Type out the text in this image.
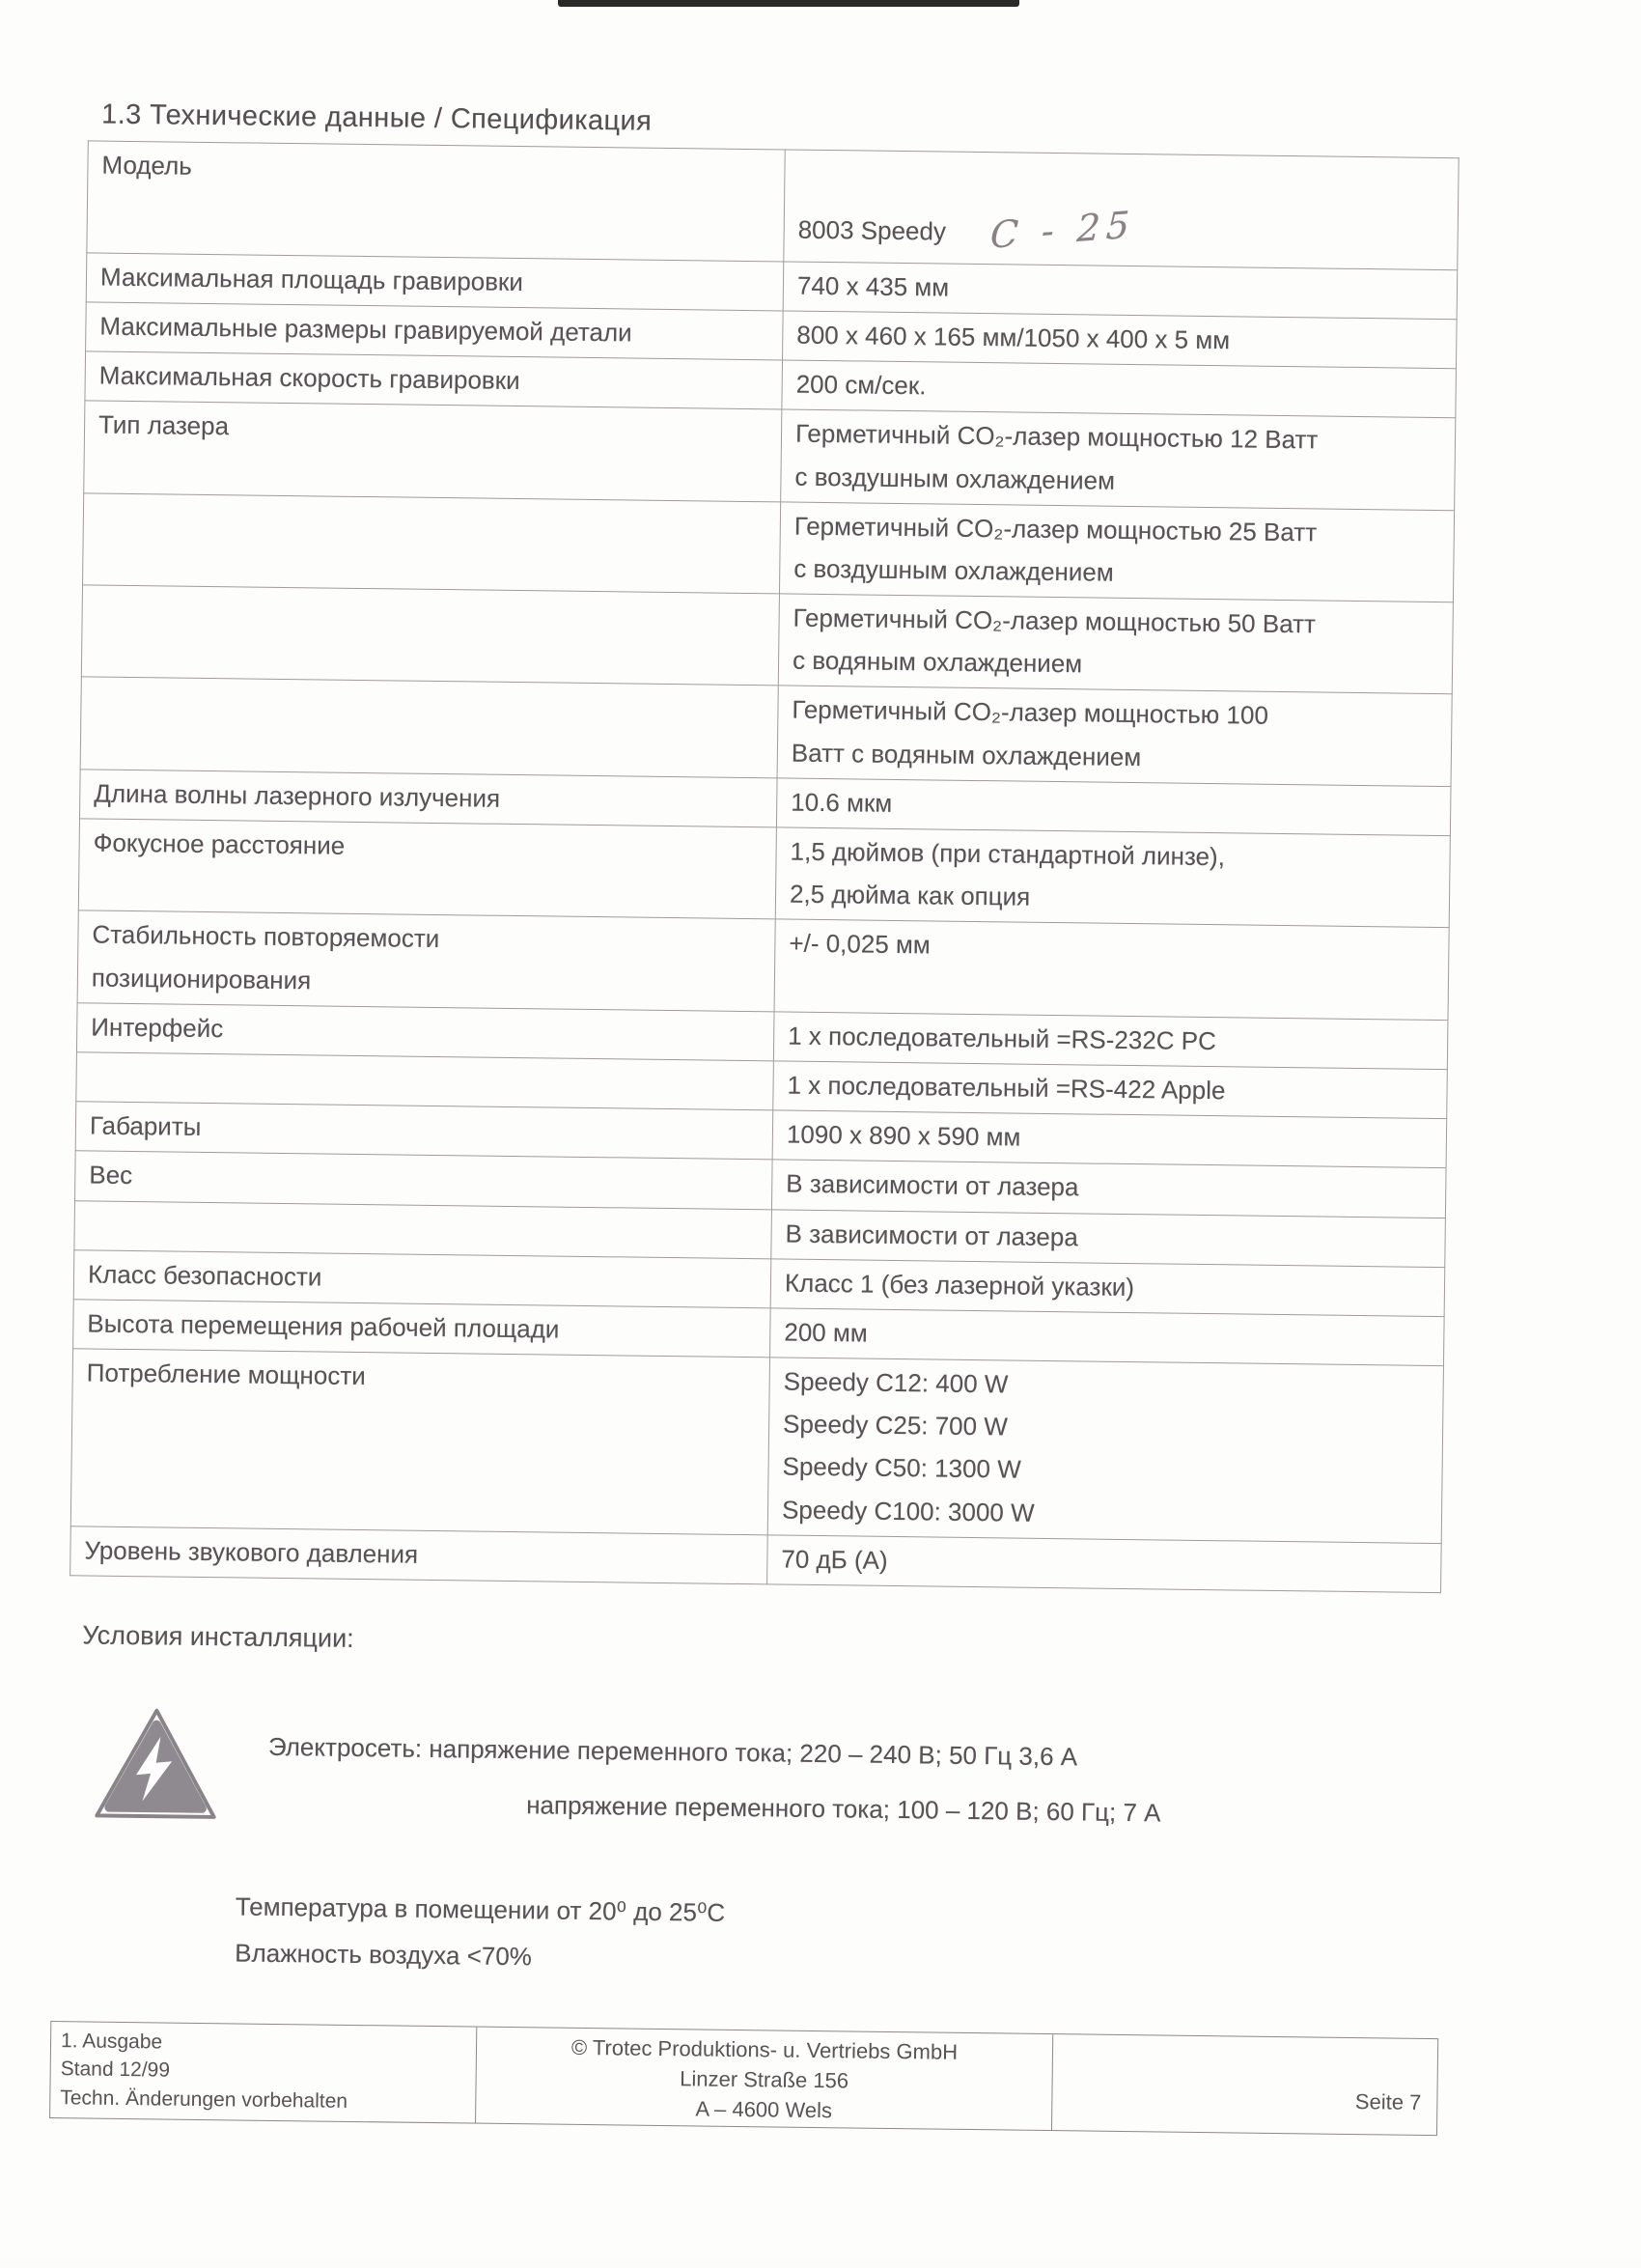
1.3 Технические данные / Спецификация
Модель	8003 Speedy C - 25

Максимальная площадь гравировки	740 x 435 мм
Максимальные размеры гравируемой детали	800 x 460 x 165 мм/1050 x 400 x 5 мм
Максимальная скорость гравировки	200 см/сек.
Тип лазера	Герметичный CO₂-лазер мощностью 12 Ватт
с воздушным охлаждением
	Герметичный CO₂-лазер мощностью 25 Ватт
с воздушным охлаждением
	Герметичный CO₂-лазер мощностью 50 Ватт
с водяным охлаждением
	Герметичный CO₂-лазер мощностью 100
Ватт с водяным охлаждением
Длина волны лазерного излучения	10.6 мкм
Фокусное расстояние	1,5 дюймов (при стандартной линзе),
2,5 дюйма как опция
Стабильность повторяемости
позиционирования	+/- 0,025 мм
Интерфейс	1 х последовательный =RS-232C PC
	1 х последовательный =RS-422 Apple
Габариты	1090 x 890 x 590 мм
Вес	В зависимости от лазера
	В зависимости от лазера
Класс безопасности	Класс 1 (без лазерной указки)
Высота перемещения рабочей площади	200 мм
Потребление мощности	Speedy C12: 400 W
Speedy C25: 700 W
Speedy C50: 1300 W
Speedy C100: 3000 W
Уровень звукового давления	70 дБ (A)
Условия инсталляции:
Электросеть: напряжение переменного тока; 220 – 240 В; 50 Гц 3,6 А
напряжение переменного тока; 100 – 120 В; 60 Гц; 7 А
Температура в помещении от 20⁰ до 25⁰С
Влажность воздуха <70%
1. Ausgabe
Stand 12/99
Techn. Änderungen vorbehalten
© Trotec Produktions- u. Vertriebs GmbH
Linzer Straße 156
A – 4600 Wels	Seite 7
